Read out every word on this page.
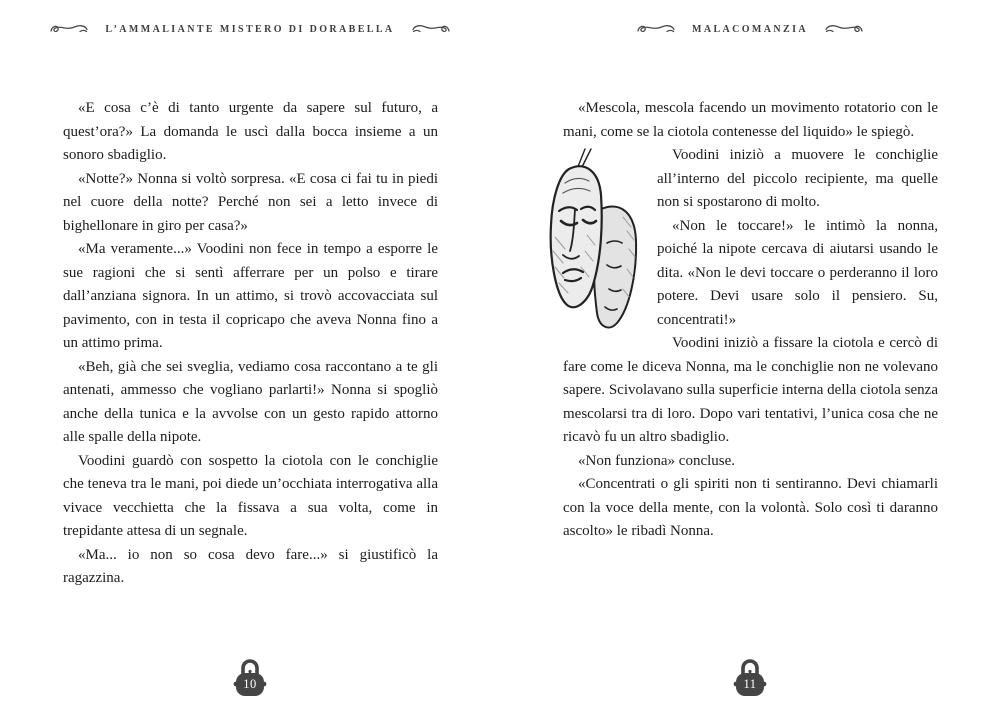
L’AMMALIANTE MISTERO DI DORABELLA

«E cosa c’è di tanto urgente da sapere sul futuro, a quest’ora?» La domanda le uscì dalla bocca insieme a un sonoro sbadiglio.

«Notte?» Nonna si voltò sorpresa. «E cosa ci fai tu in piedi nel cuore della notte? Perché non sei a letto invece di bighellonare in giro per casa?»

«Ma veramente...» Voodini non fece in tempo a esporre le sue ragioni che si sentì afferrare per un polso e tirare dall’anziana signora. In un attimo, si trovò accovacciata sul pavimento, con in testa il copricapo che aveva Nonna fino a un attimo prima.

«Beh, già che sei sveglia, vediamo cosa raccontano a te gli antenati, ammesso che vogliano parlarti!» Nonna si spogliò anche della tunica e la avvolse con un gesto rapido attorno alle spalle della nipote.

Voodini guardò con sospetto la ciotola con le conchiglie che teneva tra le mani, poi diede un’occhiata interrogativa alla vivace vecchietta che la fissava a sua volta, come in trepidante attesa di un segnale.

«Ma... io non so cosa devo fare...» si giustificò la ragazzina.

10
MALACOMANZIA

«Mescola, mescola facendo un movimento rotatorio con le mani, come se la ciotola contenesse del liquido» le spiegò.

Voodini iniziò a muovere le conchiglie all’interno del piccolo recipiente, ma quelle non si spostarono di molto.

«Non le toccare!» le intimò la nonna, poiché la nipote cercava di aiutarsi usando le dita. «Non le devi toccare o perderanno il loro potere. Devi usare solo il pensiero. Su, concentrati!»

Voodini iniziò a fissare la ciotola e cercò di fare come le diceva Nonna, ma le conchiglie non ne volevano sapere. Scivolavano sulla superficie interna della ciotola senza mescolarsi tra di loro. Dopo vari tentativi, l’unica cosa che ne ricavò fu un altro sbadiglio.

«Non funziona» concluse.

«Concentrati o gli spiriti non ti sentiranno. Devi chiamarli con la voce della mente, con la volontà. Solo così ti daranno ascolto» le ribadì Nonna.

11
